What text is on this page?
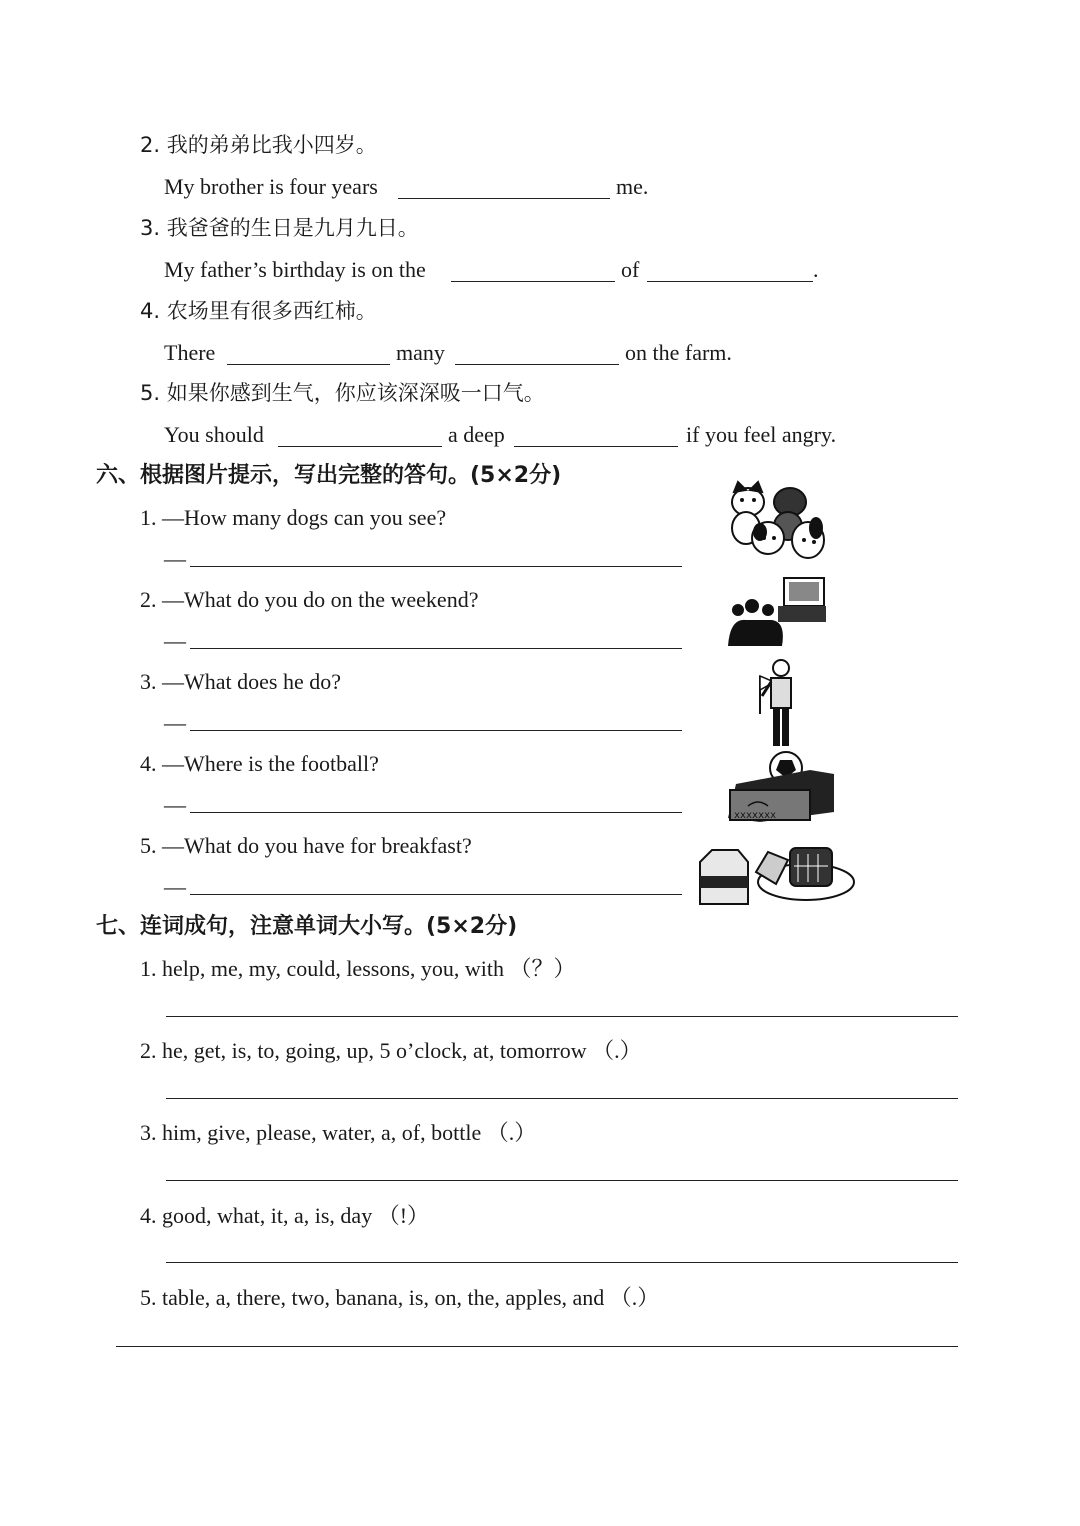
2. 我的弟弟比我小四岁。
My brother is four years	me.
3. 我爸爸的生日是九月九日。
My father’s birthday is on the	of	.
4. 农场里有很多西红柿。
There	many	on the farm.
5. 如果你感到生气，你应该深深吸一口气。
You should	a deep	if you feel angry.
六、根据图片提示，写出完整的答句。(5×2分)
1. —How many dogs can you see?
—
2. —What do you do on the weekend?
—
3. —What does he do?
—
4. —Where is the football?
—
5. —What do you have for breakfast?
—
xxxxxxx
七、连词成句，注意单词大小写。(5×2分)
1. help, me, my, could, lessons, you, with （？）
2. he, get, is, to, going, up, 5 o’clock, at, tomorrow （.）
3. him, give, please, water, a, of, bottle （.）
4. good, what, it, a, is, day （!）
5. table, a, there, two, banana, is, on, the, apples, and （.）
